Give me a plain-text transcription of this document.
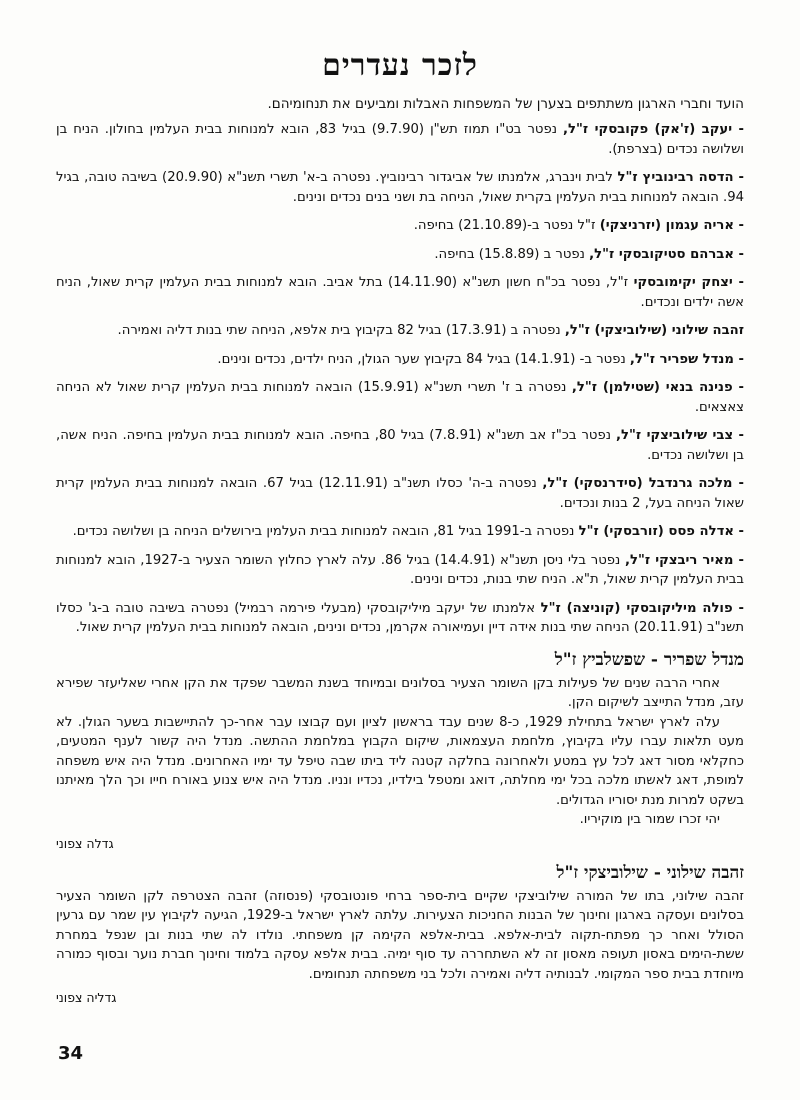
לזכר נעדרים

הועד וחברי הארגון משתתפים בצערן של המשפחות האבלות ומביעים את תנחומיהם.

- יעקב (ז'אק) פקובסקי ז"ל, נפטר בט"ו תמוז תש"ן (9.7.90) בגיל 83, הובא למנוחות בבית העלמין בחולון. הניח בן ושלושה נכדים (בצרפת).

- הדסה רבינוביץ ז"ל לבית וינברג, אלמנתו של אביגדור רבינוביץ. נפטרה ב-א' תשרי תשנ"א (20.9.90) בשיבה טובה, בגיל 94. הובאה למנוחות בבית העלמין בקרית שאול, הניחה בת ושני בנים נכדים ונינים.

- אריה עגמון (יזרניצקי) ז"ל נפטר ב-(21.10.89) בחיפה.

- אברהם סטיקובסקי ז"ל, נפטר ב (15.8.89) בחיפה.

- יצחק יקימובסקי ז"ל, נפטר בכ"ח חשון תשנ"א (14.11.90) בתל אביב. הובא למנוחות בבית העלמין קרית שאול, הניח אשה ילדים ונכדים.

זהבה שילוני (שילוביצקי) ז"ל, נפטרה ב (17.3.91) בגיל 82 בקיבוץ בית אלפא, הניחה שתי בנות דליה ואמירה.

- מנדל שפריר ז"ל, נפטר ב- (14.1.91) בגיל 84 בקיבוץ שער הגולן, הניח ילדים, נכדים ונינים.

- פנינה בנאי (שטילמן) ז"ל, נפטרה ב ז' תשרי תשנ"א (15.9.91) הובאה למנוחות בבית העלמין קרית שאול לא הניחה צאצאים.

- צבי שילוביצקי ז"ל, נפטר בכ"ז אב תשנ"א (7.8.91) בגיל 80, בחיפה. הובא למנוחות בבית העלמין בחיפה. הניח אשה, בן ושלושה נכדים.

- מלכה גרנדבל (סידרנסקי) ז"ל, נפטרה ב-ה' כסלו תשנ"ב (12.11.91) בגיל 67. הובאה למנוחות בבית העלמין קרית שאול הניחה בעל, 2 בנות ונכדים.

- אדלה פסס (זורבסקי) ז"ל נפטרה ב-1991 בגיל 81, הובאה למנוחות בבית העלמין בירושלים הניחה בן ושלושה נכדים.

- מאיר ריבצקי ז"ל, נפטר בלי ניסן תשנ"א (14.4.91) בגיל 86. עלה לארץ כחלוץ השומר הצעיר ב-1927, הובא למנוחות בבית העלמין קרית שאול, ת"א. הניח שתי בנות, נכדים ונינים.

- פולה מיליקובסקי (קוניצה) ז"ל אלמנתו של יעקב מיליקובסקי (מבעלי פירמה רבמיל) נפטרה בשיבה טובה ב-ג' כסלו תשנ"ב (20.11.91) הניחה שתי בנות אידה דיין ועמיאורה אקרמן, נכדים ונינים, הובאה למנוחות בבית העלמין קרית שאול.

מנדל שפריר - שפשלביץ ז"ל

אחרי הרבה שנים של פעילות בקן השומר הצעיר בסלונים ובמיוחד בשנת המשבר שפקד את הקן אחרי שאליעזר שפירא עזב, מנדל התייצב לשיקום הקן.

עלה לארץ ישראל בתחילת 1929, כ-8 שנים עבד בראשון לציון ועם קבוצו עבר אחר-כך להתיישבות בשער הגולן. לא מעט תלאות עברו עליו בקיבוץ, מלחמת העצמאות, שיקום הקבוץ במלחמת ההתשה. מנדל היה קשור לענף המטעים, כחקלאי מסור דאג לכל עץ במטע ולאחרונה בחלקה קטנה ליד ביתו שבה טיפל עד ימיו האחרונים. מנדל היה איש משפחה למופת, דאג לאשתו מלכה בכל ימי מחלתה, דואג ומטפל בילדיו, נכדיו ונניו. מנדל היה איש צנוע באורח חייו וכך הלך מאיתנו בשקט למרות מנת יסוריו הגדולים.

יהי זכרו שמור בין מוקיריו.

גדלה צפוני
זהבה שילוני - שילוביצקי ז"ל

זהבה שילוני, בתו של המורה שילוביצקי שקיים בית-ספר ברחי פונטובסקי (פנסוזה) זהבה הצטרפה לקן השומר הצעיר בסלונים ועסקה בארגון וחינוך של הבנות החניכות הצעירות. עלתה לארץ ישראל ב-1929, הגיעה לקיבוץ עין שמר עם גרעין הסולל ואחר כך מפתח-תקוה לבית-אלפא. בבית-אלפא הקימה קן משפחתי. נולדו לה שתי בנות ובן שנפל במחרת ששת-הימים באסון תעופה מאסון זה לא השתחררה עד סוף ימיה. בבית אלפא עסקה בלמוד וחינוך חברת נוער ובסוף כמורה מיוחדת בבית ספר המקומי. לבנותיה דליה ואמירה ולכל בני משפחתה תנחומים.

גדליה צפוני
34
